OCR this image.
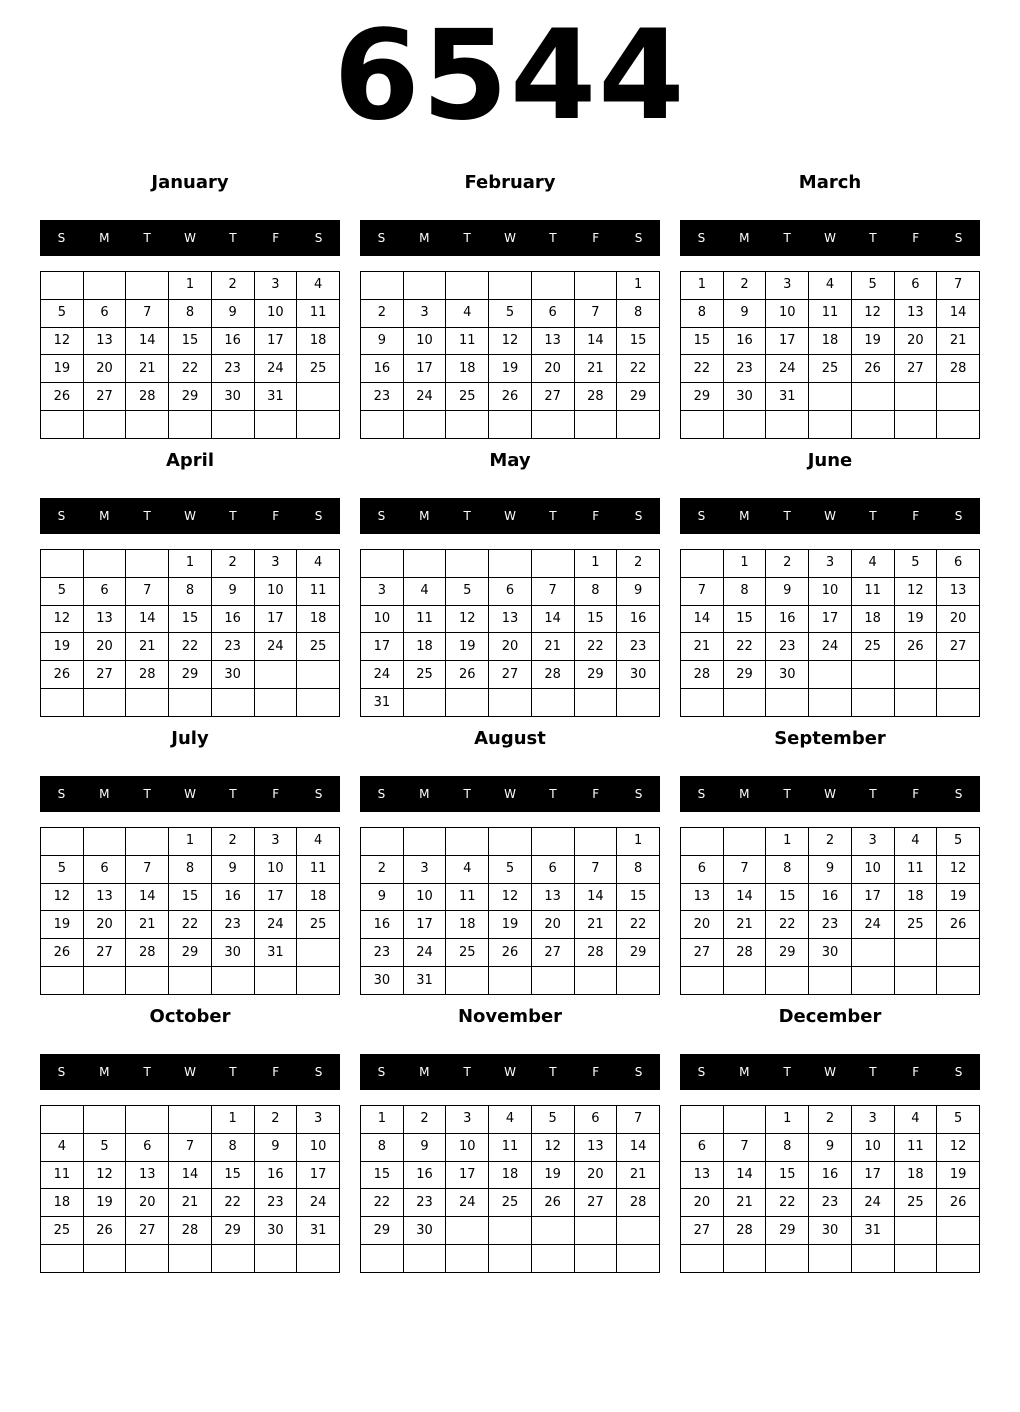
6544
January
S	M	T	W	T	F	S
			1	2	3	4
5	6	7	8	9	10	11
12	13	14	15	16	17	18
19	20	21	22	23	24	25
26	27	28	29	30	31	

February
S	M	T	W	T	F	S
						1
2	3	4	5	6	7	8
9	10	11	12	13	14	15
16	17	18	19	20	21	22
23	24	25	26	27	28	29

March
S	M	T	W	T	F	S
1	2	3	4	5	6	7
8	9	10	11	12	13	14
15	16	17	18	19	20	21
22	23	24	25	26	27	28
29	30	31				

April
S	M	T	W	T	F	S
			1	2	3	4
5	6	7	8	9	10	11
12	13	14	15	16	17	18
19	20	21	22	23	24	25
26	27	28	29	30		

May
S	M	T	W	T	F	S
					1	2
3	4	5	6	7	8	9
10	11	12	13	14	15	16
17	18	19	20	21	22	23
24	25	26	27	28	29	30
31						
June
S	M	T	W	T	F	S
	1	2	3	4	5	6
7	8	9	10	11	12	13
14	15	16	17	18	19	20
21	22	23	24	25	26	27
28	29	30				

July
S	M	T	W	T	F	S
			1	2	3	4
5	6	7	8	9	10	11
12	13	14	15	16	17	18
19	20	21	22	23	24	25
26	27	28	29	30	31	

August
S	M	T	W	T	F	S
						1
2	3	4	5	6	7	8
9	10	11	12	13	14	15
16	17	18	19	20	21	22
23	24	25	26	27	28	29
30	31					
September
S	M	T	W	T	F	S
		1	2	3	4	5
6	7	8	9	10	11	12
13	14	15	16	17	18	19
20	21	22	23	24	25	26
27	28	29	30			

October
S	M	T	W	T	F	S
				1	2	3
4	5	6	7	8	9	10
11	12	13	14	15	16	17
18	19	20	21	22	23	24
25	26	27	28	29	30	31

November
S	M	T	W	T	F	S
1	2	3	4	5	6	7
8	9	10	11	12	13	14
15	16	17	18	19	20	21
22	23	24	25	26	27	28
29	30					

December
S	M	T	W	T	F	S
		1	2	3	4	5
6	7	8	9	10	11	12
13	14	15	16	17	18	19
20	21	22	23	24	25	26
27	28	29	30	31		
